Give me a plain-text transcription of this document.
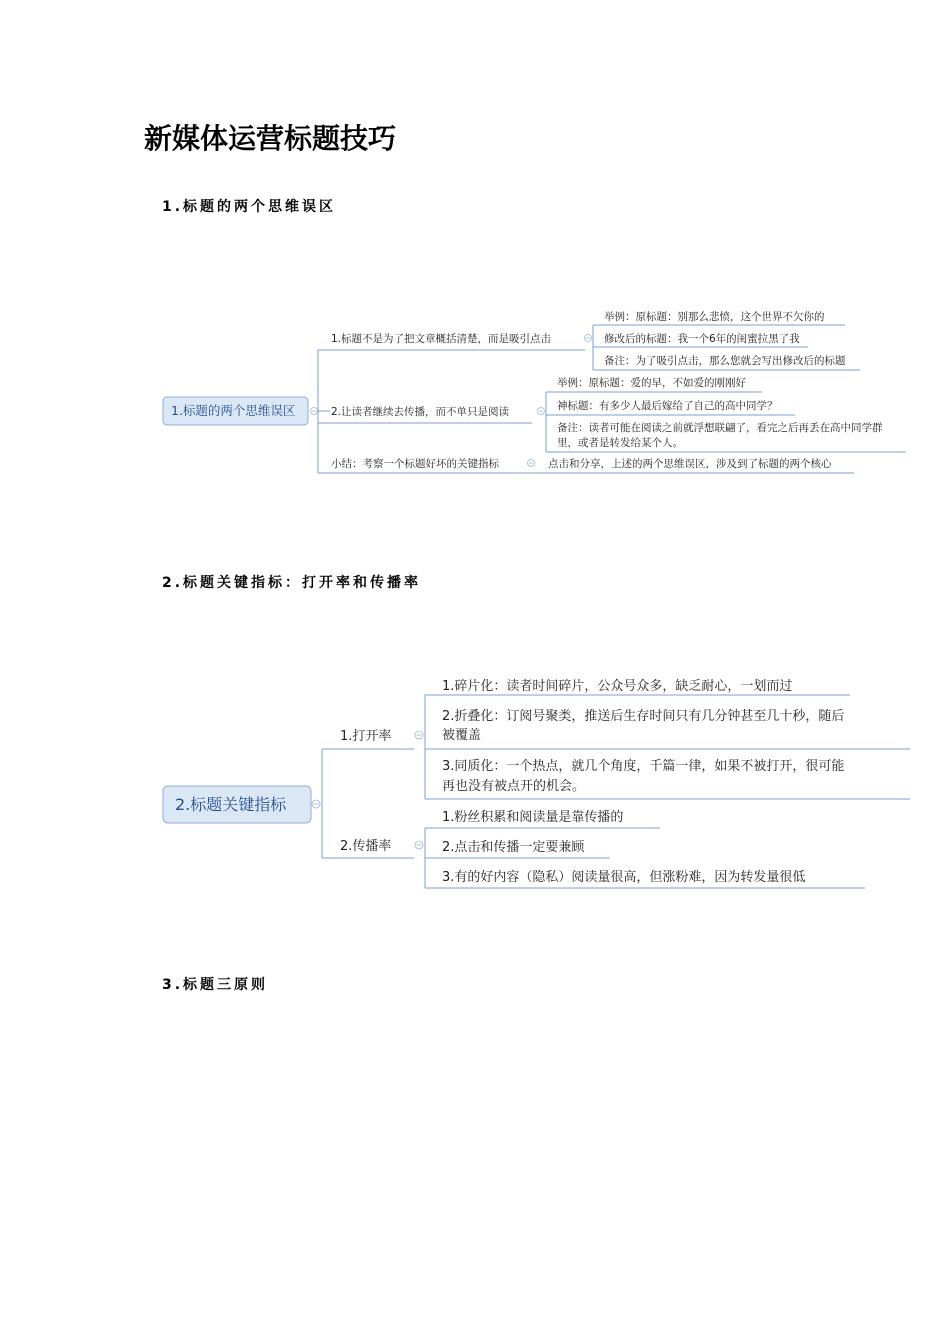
新媒体运营标题技巧
1.标题的两个思维误区
1.标题的两个思维误区
1.标题不是为了把文章概括清楚，而是吸引点击
举例：原标题：别那么悲愤，这个世界不欠你的
修改后的标题：我一个6年的闺蜜拉黑了我
备注：为了吸引点击，那么您就会写出修改后的标题
2.让读者继续去传播，而不单只是阅读
举例：原标题：爱的早，不如爱的刚刚好
神标题：有多少人最后嫁给了自己的高中同学？
备注：读者可能在阅读之前就浮想联翩了，看完之后再丢在高中同学群
里，或者是转发给某个人。
小结：考察一个标题好坏的关键指标	点击和分享，上述的两个思维误区，涉及到了标题的两个核心
2.标题关键指标：打开率和传播率
2.标题关键指标
1.打开率
1.碎片化：读者时间碎片，公众号众多，缺乏耐心，一划而过
2.折叠化：订阅号聚类，推送后生存时间只有几分钟甚至几十秒，随后
被覆盖
3.同质化：一个热点，就几个角度，千篇一律，如果不被打开，很可能
再也没有被点开的机会。
2.传播率
1.粉丝积累和阅读量是靠传播的
2.点击和传播一定要兼顾
3.有的好内容（隐私）阅读量很高，但涨粉难，因为转发量很低
3.标题三原则
